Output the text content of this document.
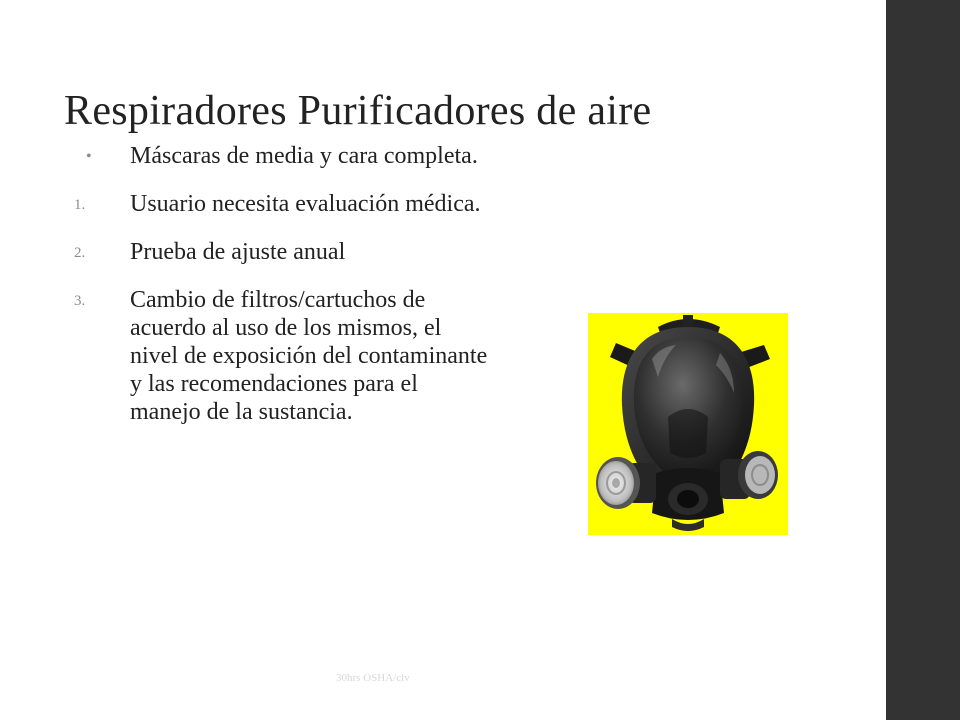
Respiradores Purificadores de aire
• Máscaras de media y cara completa.
1. Usuario necesita evaluación médica.
2. Prueba de ajuste anual
3. Cambio de filtros/cartuchos de acuerdo al uso de los mismos, el nivel de exposición del contaminante y las recomendaciones para el manejo de la sustancia.
30hrs OSHA/clv
